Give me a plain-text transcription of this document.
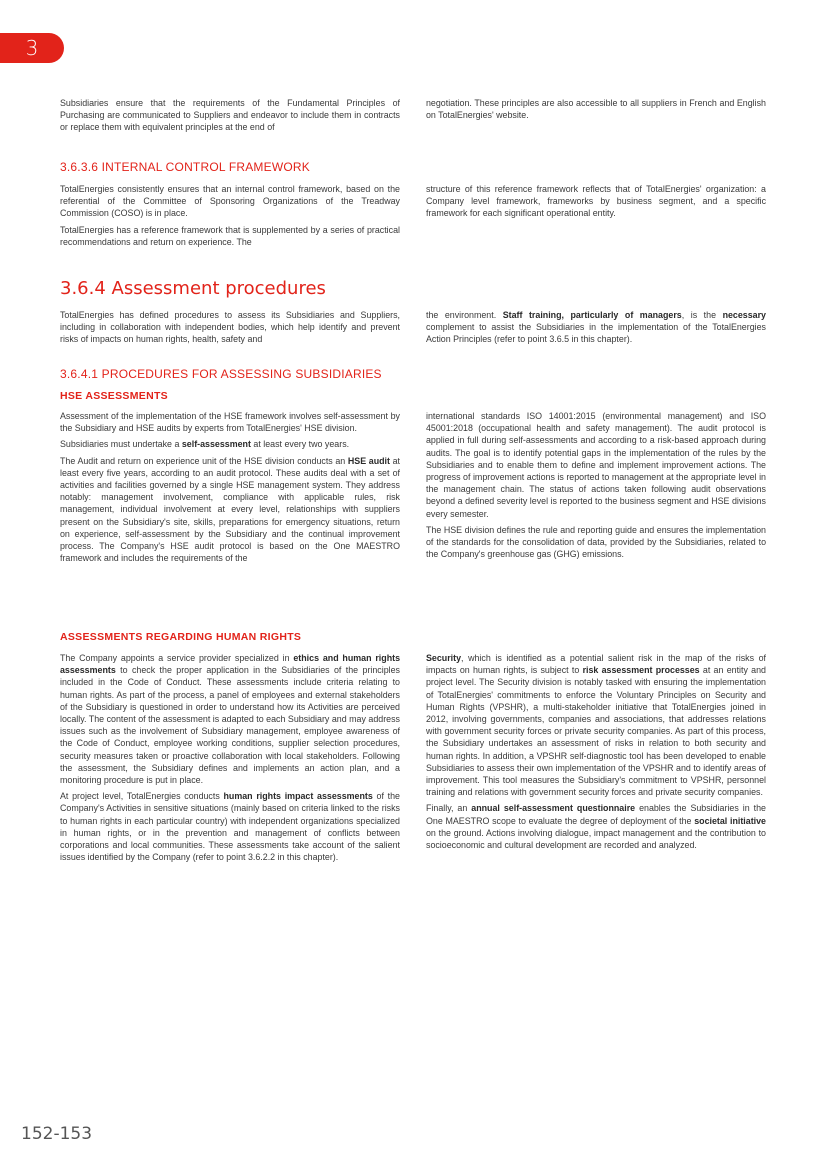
3

Subsidiaries ensure that the requirements of the Fundamental Principles of Purchasing are communicated to Suppliers and endeavor to include them in contracts or replace them with equivalent principles at the end of

negotiation. These principles are also accessible to all suppliers in French and English on TotalEnergies' website.

3.6.3.6 INTERNAL CONTROL FRAMEWORK

TotalEnergies consistently ensures that an internal control framework, based on the referential of the Committee of Sponsoring Organizations of the Treadway Commission (COSO) is in place.

TotalEnergies has a reference framework that is supplemented by a series of practical recommendations and return on experience. The

structure of this reference framework reflects that of TotalEnergies' organization: a Company level framework, frameworks by business segment, and a specific framework for each significant operational entity.

3.6.4 Assessment procedures

TotalEnergies has defined procedures to assess its Subsidiaries and Suppliers, including in collaboration with independent bodies, which help identify and prevent risks of impacts on human rights, health, safety and

the environment. Staff training, particularly of managers, is the necessary complement to assist the Subsidiaries in the implementation of the TotalEnergies Action Principles (refer to point 3.6.5 in this chapter).

3.6.4.1 PROCEDURES FOR ASSESSING SUBSIDIARIES
HSE ASSESSMENTS

Assessment of the implementation of the HSE framework involves self-assessment by the Subsidiary and HSE audits by experts from TotalEnergies' HSE division.

Subsidiaries must undertake a self-assessment at least every two years.

The Audit and return on experience unit of the HSE division conducts an HSE audit at least every five years, according to an audit protocol. These audits deal with a set of activities and facilities governed by a single HSE management system. They address notably: management involvement, compliance with applicable rules, risk management, individual involvement at every level, relationships with suppliers present on the Subsidiary's site, skills, preparations for emergency situations, return on experience, self-assessment by the Subsidiary and the continual improvement process. The Company's HSE audit protocol is based on the One MAESTRO framework and includes the requirements of the

international standards ISO 14001:2015 (environmental management) and ISO 45001:2018 (occupational health and safety management). The audit protocol is applied in full during self-assessments and according to a risk-based approach during audits. The goal is to identify potential gaps in the implementation of the rules by the Subsidiaries and to enable them to define and implement improvement actions. The progress of improvement actions is reported to management at the appropriate level in the management chain. The status of actions taken following audit observations beyond a defined severity level is reported to the business segment and HSE divisions every semester.

The HSE division defines the rule and reporting guide and ensures the implementation of the standards for the consolidation of data, provided by the Subsidiaries, related to the Company's greenhouse gas (GHG) emissions.

ASSESSMENTS REGARDING HUMAN RIGHTS

The Company appoints a service provider specialized in ethics and human rights assessments to check the proper application in the Subsidiaries of the principles included in the Code of Conduct. These assessments include criteria relating to human rights. As part of the process, a panel of employees and external stakeholders of the Subsidiary is questioned in order to understand how its Activities are perceived locally. The content of the assessment is adapted to each Subsidiary and may address issues such as the involvement of Subsidiary management, employee awareness of the Code of Conduct, employee working conditions, supplier selection procedures, security measures taken or proactive collaboration with local stakeholders. Following the assessment, the Subsidiary defines and implements an action plan, and a monitoring procedure is put in place.

At project level, TotalEnergies conducts human rights impact assessments of the Company's Activities in sensitive situations (mainly based on criteria linked to the risks to human rights in each particular country) with independent organizations specialized in human rights, or in the prevention and management of conflicts between corporations and local communities. These assessments take account of the salient issues identified by the Company (refer to point 3.6.2.2 in this chapter).

Security, which is identified as a potential salient risk in the map of the risks of impacts on human rights, is subject to risk assessment processes at an entity and project level. The Security division is notably tasked with ensuring the implementation of TotalEnergies' commitments to enforce the Voluntary Principles on Security and Human Rights (VPSHR), a multi-stakeholder initiative that TotalEnergies joined in 2012, involving governments, companies and associations, that addresses relations with government security forces or private security companies. As part of this process, the Subsidiary undertakes an assessment of risks in relation to both security and human rights. In addition, a VPSHR self-diagnostic tool has been developed to enable Subsidiaries to assess their own implementation of the VPSHR and to identify areas of improvement. This tool measures the Subsidiary's commitment to VPSHR, personnel training and relations with government security forces and private security companies.

Finally, an annual self-assessment questionnaire enables the Subsidiaries in the One MAESTRO scope to evaluate the degree of deployment of the societal initiative on the ground. Actions involving dialogue, impact management and the contribution to socioeconomic and cultural development are recorded and analyzed.

152-153
